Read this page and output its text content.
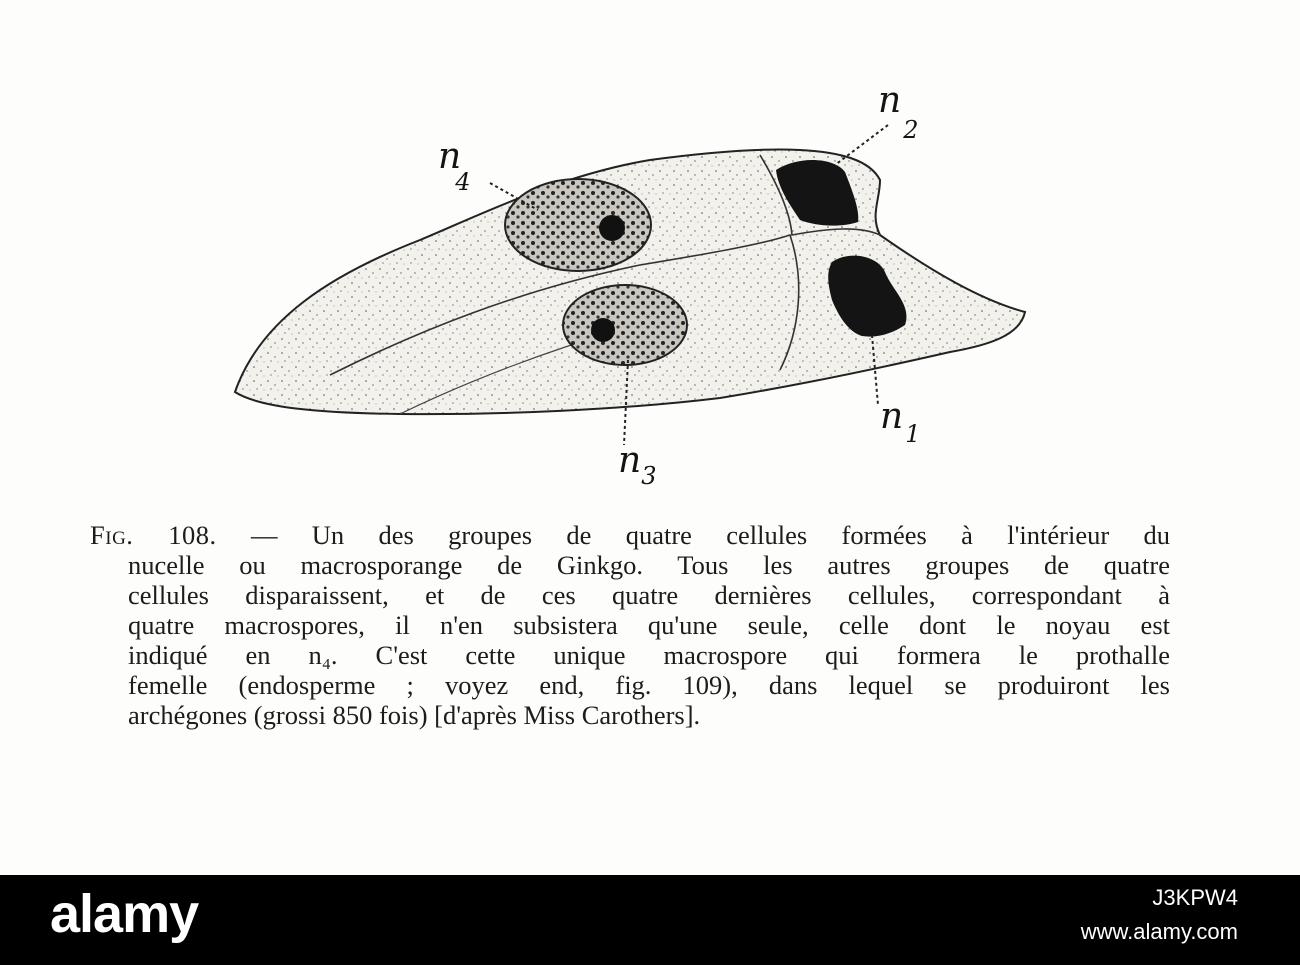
n 4
n2
n3
n1
Fig. 108. — Un des groupes de quatre cellules formées à l'intérieur du
nucelle ou macrosporange de Ginkgo. Tous les autres groupes de quatre
cellules disparaissent, et de ces quatre dernières cellules, correspondant à
quatre macrospores, il n'en subsistera qu'une seule, celle dont le noyau est
indiqué en n₄. C'est cette unique macrospore qui formera le prothalle
femelle (endosperme ; voyez end, fig. 109), dans lequel se produiront les
archégones (grossi 850 fois) [d'après Miss Carothers].
alamy	J3KPW4
www.alamy.com
